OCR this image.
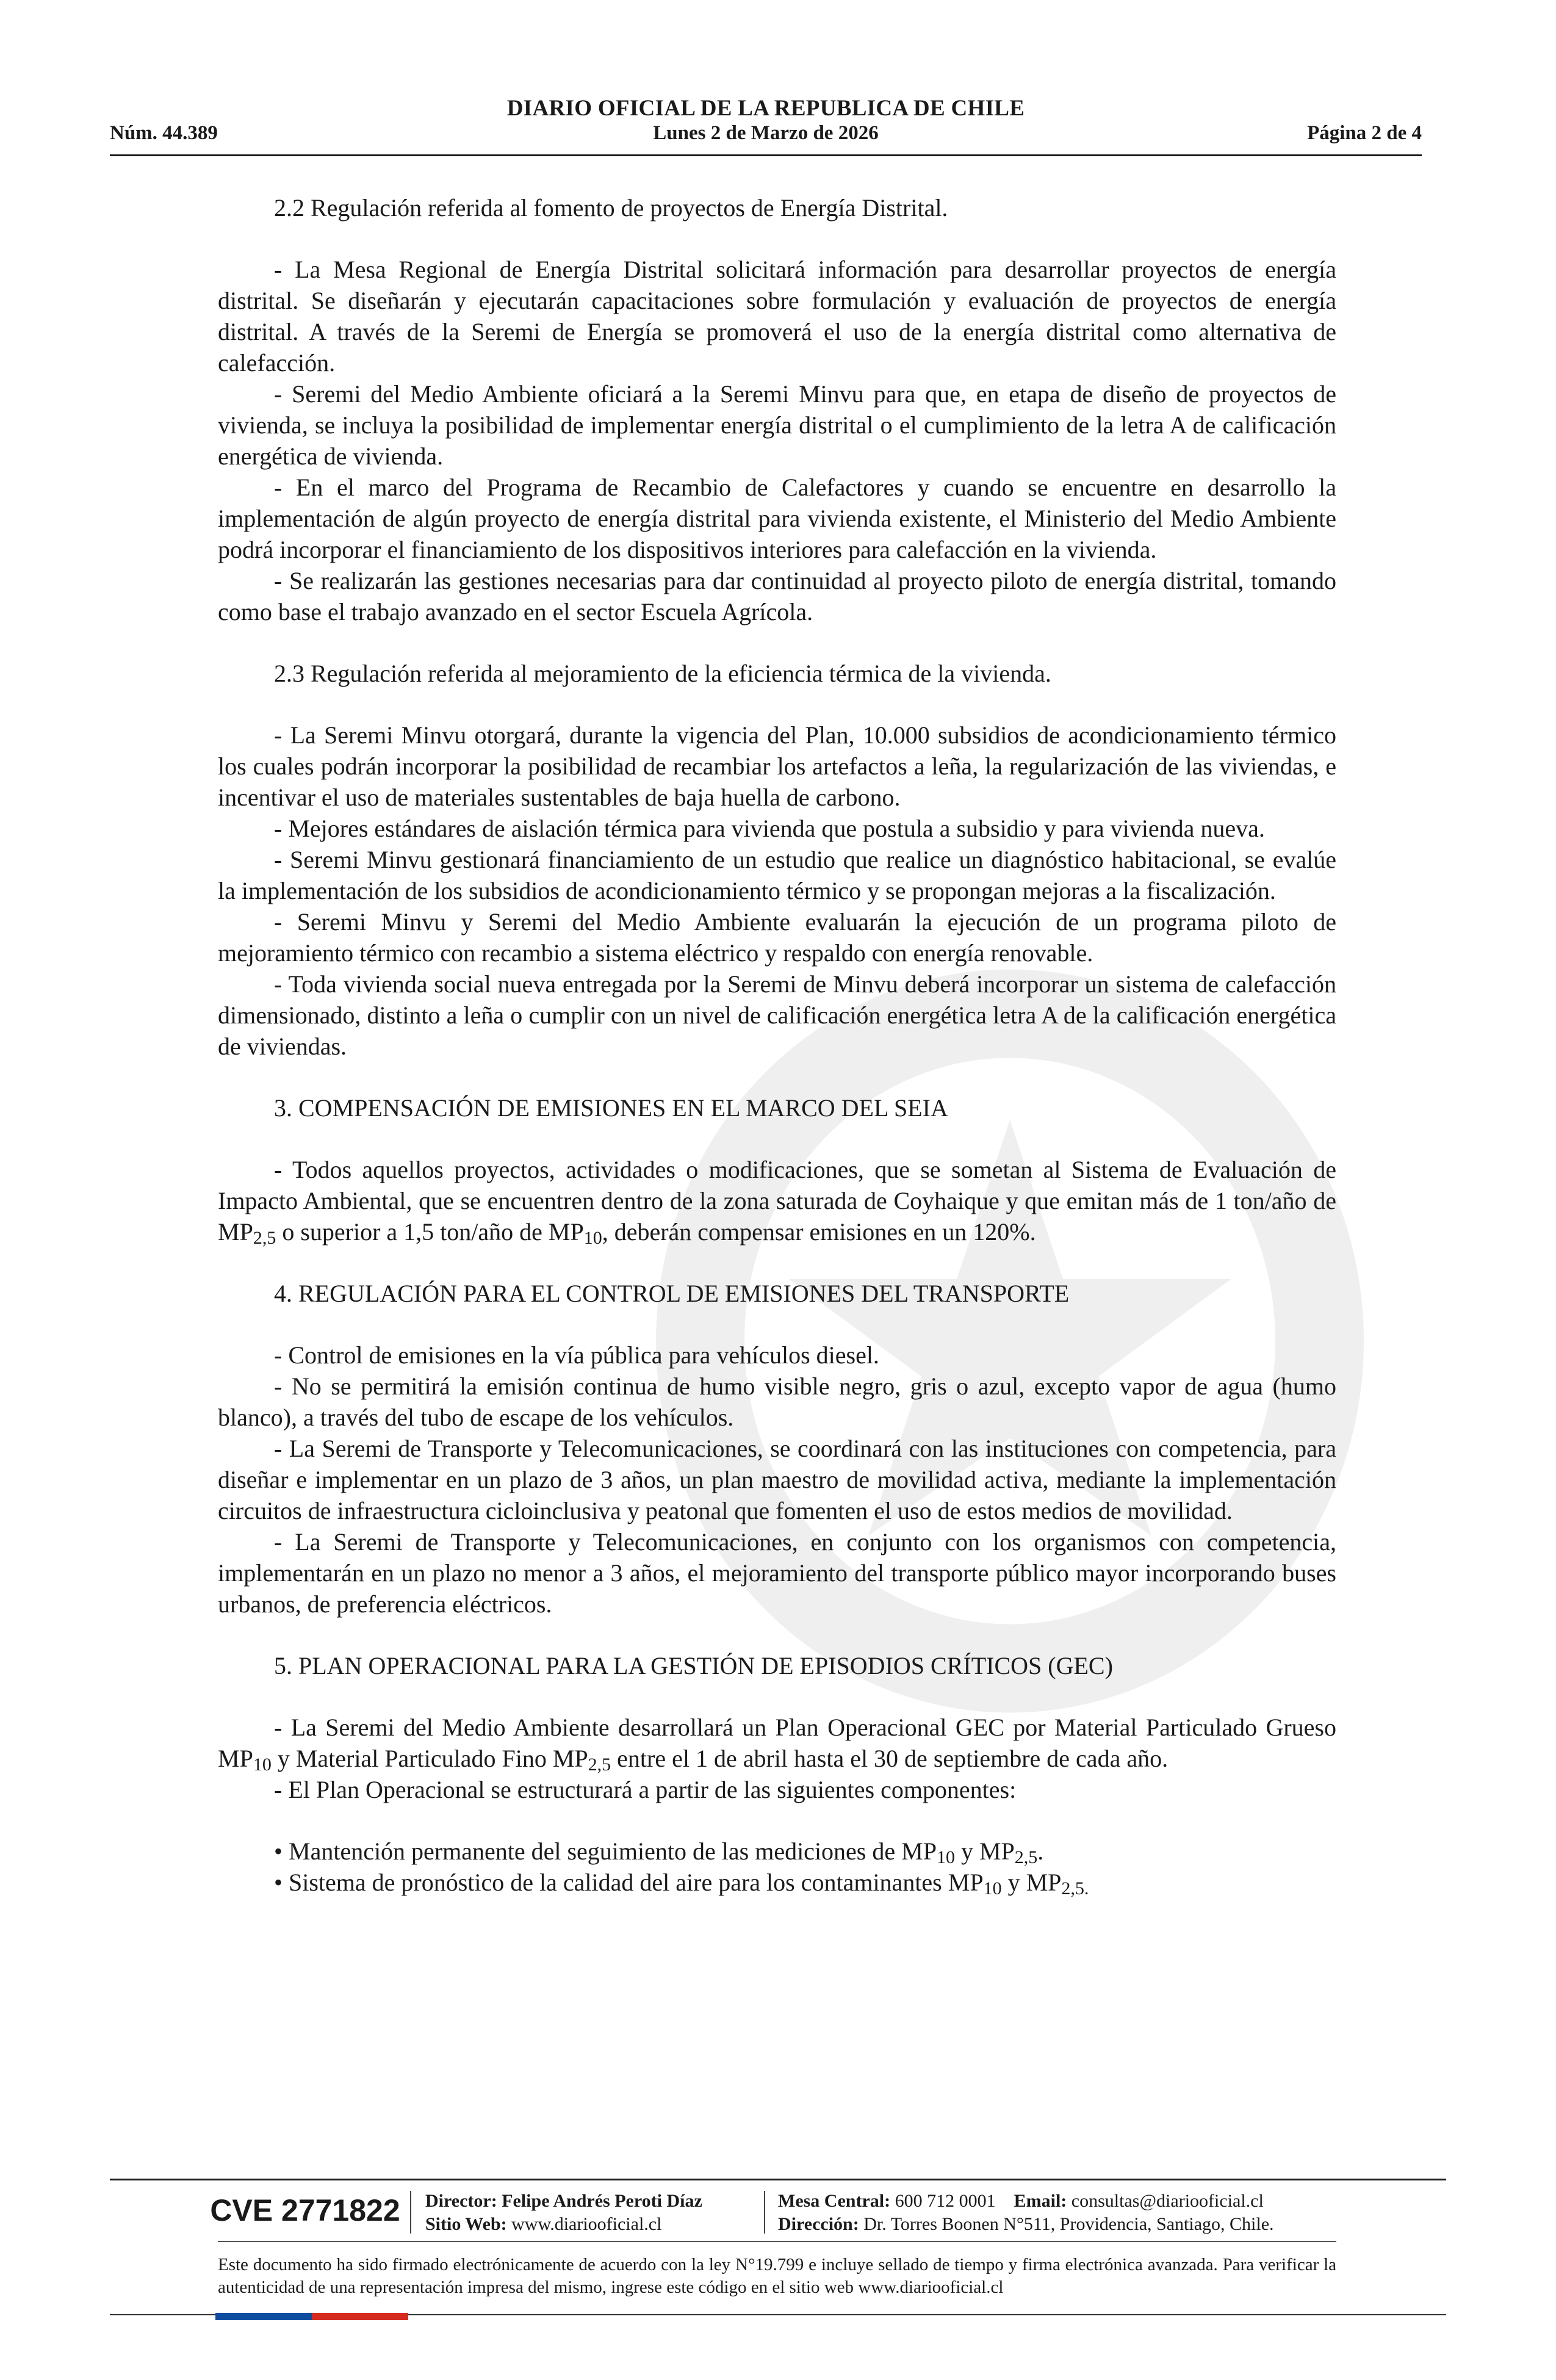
DIARIO OFICIAL DE LA REPUBLICA DE CHILE
Lunes 2 de Marzo de 2026
Núm. 44.389	Página 2 de 4

2.2 Regulación referida al fomento de proyectos de Energía Distrital.

- La Mesa Regional de Energía Distrital solicitará información para desarrollar proyectos de energía distrital. Se diseñarán y ejecutarán capacitaciones sobre formulación y evaluación de proyectos de energía distrital. A través de la Seremi de Energía se promoverá el uso de la energía distrital como alternativa de calefacción.

- Seremi del Medio Ambiente oficiará a la Seremi Minvu para que, en etapa de diseño de proyectos de vivienda, se incluya la posibilidad de implementar energía distrital o el cumplimiento de la letra A de calificación energética de vivienda.

- En el marco del Programa de Recambio de Calefactores y cuando se encuentre en desarrollo la implementación de algún proyecto de energía distrital para vivienda existente, el Ministerio del Medio Ambiente podrá incorporar el financiamiento de los dispositivos interiores para calefacción en la vivienda.

- Se realizarán las gestiones necesarias para dar continuidad al proyecto piloto de energía distrital, tomando como base el trabajo avanzado en el sector Escuela Agrícola.

2.3 Regulación referida al mejoramiento de la eficiencia térmica de la vivienda.

- La Seremi Minvu otorgará, durante la vigencia del Plan, 10.000 subsidios de acondicionamiento térmico los cuales podrán incorporar la posibilidad de recambiar los artefactos a leña, la regularización de las viviendas, e incentivar el uso de materiales sustentables de baja huella de carbono.

- Mejores estándares de aislación térmica para vivienda que postula a subsidio y para vivienda nueva.

- Seremi Minvu gestionará financiamiento de un estudio que realice un diagnóstico habitacional, se evalúe la implementación de los subsidios de acondicionamiento térmico y se propongan mejoras a la fiscalización.

- Seremi Minvu y Seremi del Medio Ambiente evaluarán la ejecución de un programa piloto de mejoramiento térmico con recambio a sistema eléctrico y respaldo con energía renovable.

- Toda vivienda social nueva entregada por la Seremi de Minvu deberá incorporar un sistema de calefacción dimensionado, distinto a leña o cumplir con un nivel de calificación energética letra A de la calificación energética de viviendas.

3. COMPENSACIÓN DE EMISIONES EN EL MARCO DEL SEIA

- Todos aquellos proyectos, actividades o modificaciones, que se sometan al Sistema de Evaluación de Impacto Ambiental, que se encuentren dentro de la zona saturada de Coyhaique y que emitan más de 1 ton/año de $MP_{2,5}$ o superior a 1,5 ton/año de $MP_{10}$, deberán compensar emisiones en un 120%.

4. REGULACIÓN PARA EL CONTROL DE EMISIONES DEL TRANSPORTE

- Control de emisiones en la vía pública para vehículos diesel.

- No se permitirá la emisión continua de humo visible negro, gris o azul, excepto vapor de agua (humo blanco), a través del tubo de escape de los vehículos.

- La Seremi de Transporte y Telecomunicaciones, se coordinará con las instituciones con competencia, para diseñar e implementar en un plazo de 3 años, un plan maestro de movilidad activa, mediante la implementación circuitos de infraestructura cicloinclusiva y peatonal que fomenten el uso de estos medios de movilidad.

- La Seremi de Transporte y Telecomunicaciones, en conjunto con los organismos con competencia, implementarán en un plazo no menor a 3 años, el mejoramiento del transporte público mayor incorporando buses urbanos, de preferencia eléctricos.

5. PLAN OPERACIONAL PARA LA GESTIÓN DE EPISODIOS CRÍTICOS (GEC)

- La Seremi del Medio Ambiente desarrollará un Plan Operacional GEC por Material Particulado Grueso $MP_{10}$ y Material Particulado Fino $MP_{2,5}$ entre el 1 de abril hasta el 30 de septiembre de cada año.

- El Plan Operacional se estructurará a partir de las siguientes componentes:

• Mantención permanente del seguimiento de las mediciones de $MP_{10}$ y $MP_{2,5}$.

• Sistema de pronóstico de la calidad del aire para los contaminantes $MP_{10}$ y $MP_{2,5.}$

CVE 2771822	Director: Felipe Andrés Peroti Díaz
Sitio Web: www.diariooficial.cl
Mesa Central: 600 712 0001 Email: consultas@diariooficial.cl
Dirección: Dr. Torres Boonen N°511, Providencia, Santiago, Chile.
Este documento ha sido firmado electrónicamente de acuerdo con la ley N°19.799 e incluye sellado de tiempo y firma electrónica avanzada. Para verificar la autenticidad de una representación impresa del mismo, ingrese este código en el sitio web www.diariooficial.cl
